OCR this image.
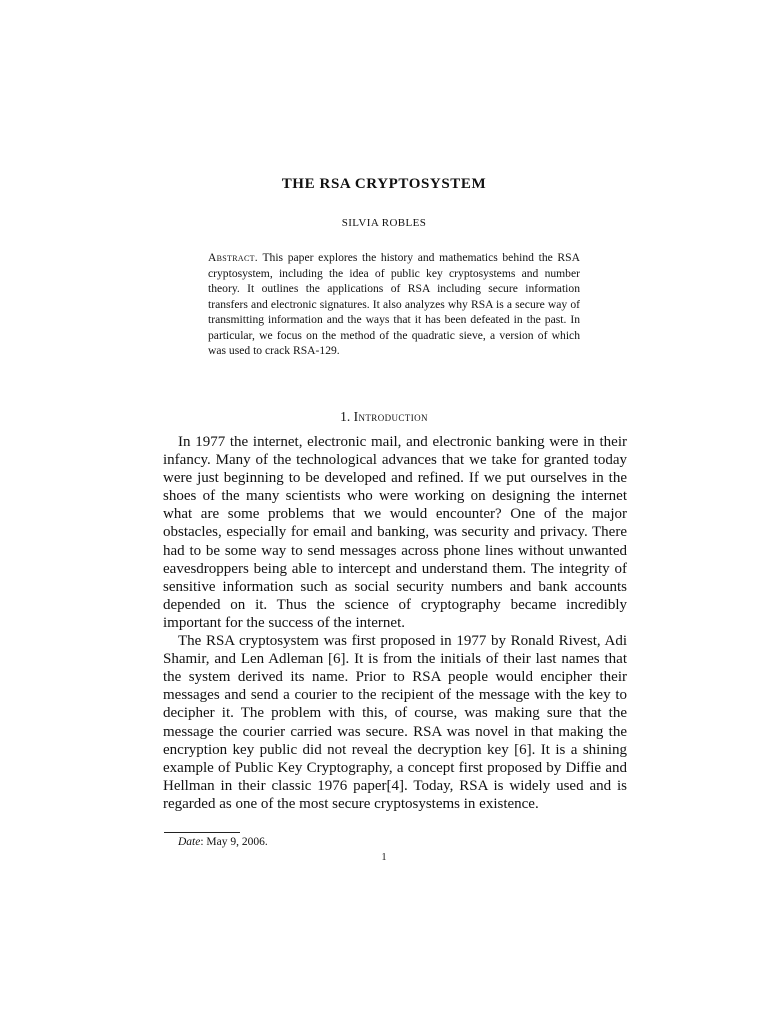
THE RSA CRYPTOSYSTEM
SILVIA ROBLES
Abstract. This paper explores the history and mathematics behind the RSA cryptosystem, including the idea of public key cryptosystems and number theory. It outlines the applications of RSA including secure information transfers and electronic signatures. It also analyzes why RSA is a secure way of transmitting information and the ways that it has been defeated in the past. In particular, we focus on the method of the quadratic sieve, a version of which was used to crack RSA-129.
1. Introduction

In 1977 the internet, electronic mail, and electronic banking were in their infancy. Many of the technological advances that we take for granted today were just beginning to be developed and refined. If we put ourselves in the shoes of the many scientists who were working on designing the internet what are some problems that we would encounter? One of the major obstacles, especially for email and banking, was security and privacy. There had to be some way to send messages across phone lines without unwanted eavesdroppers being able to intercept and understand them. The integrity of sensitive information such as social security numbers and bank accounts depended on it. Thus the science of cryptography became incredibly important for the success of the internet.

The RSA cryptosystem was first proposed in 1977 by Ronald Rivest, Adi Shamir, and Len Adleman [6]. It is from the initials of their last names that the system derived its name. Prior to RSA people would encipher their messages and send a courier to the recipient of the message with the key to decipher it. The problem with this, of course, was making sure that the message the courier carried was secure. RSA was novel in that making the encryption key public did not reveal the decryption key [6]. It is a shining example of Public Key Cryptography, a concept first proposed by Diffie and Hellman in their classic 1976 paper[4]. Today, RSA is widely used and is regarded as one of the most secure cryptosystems in existence.

Date: May 9, 2006.
1
